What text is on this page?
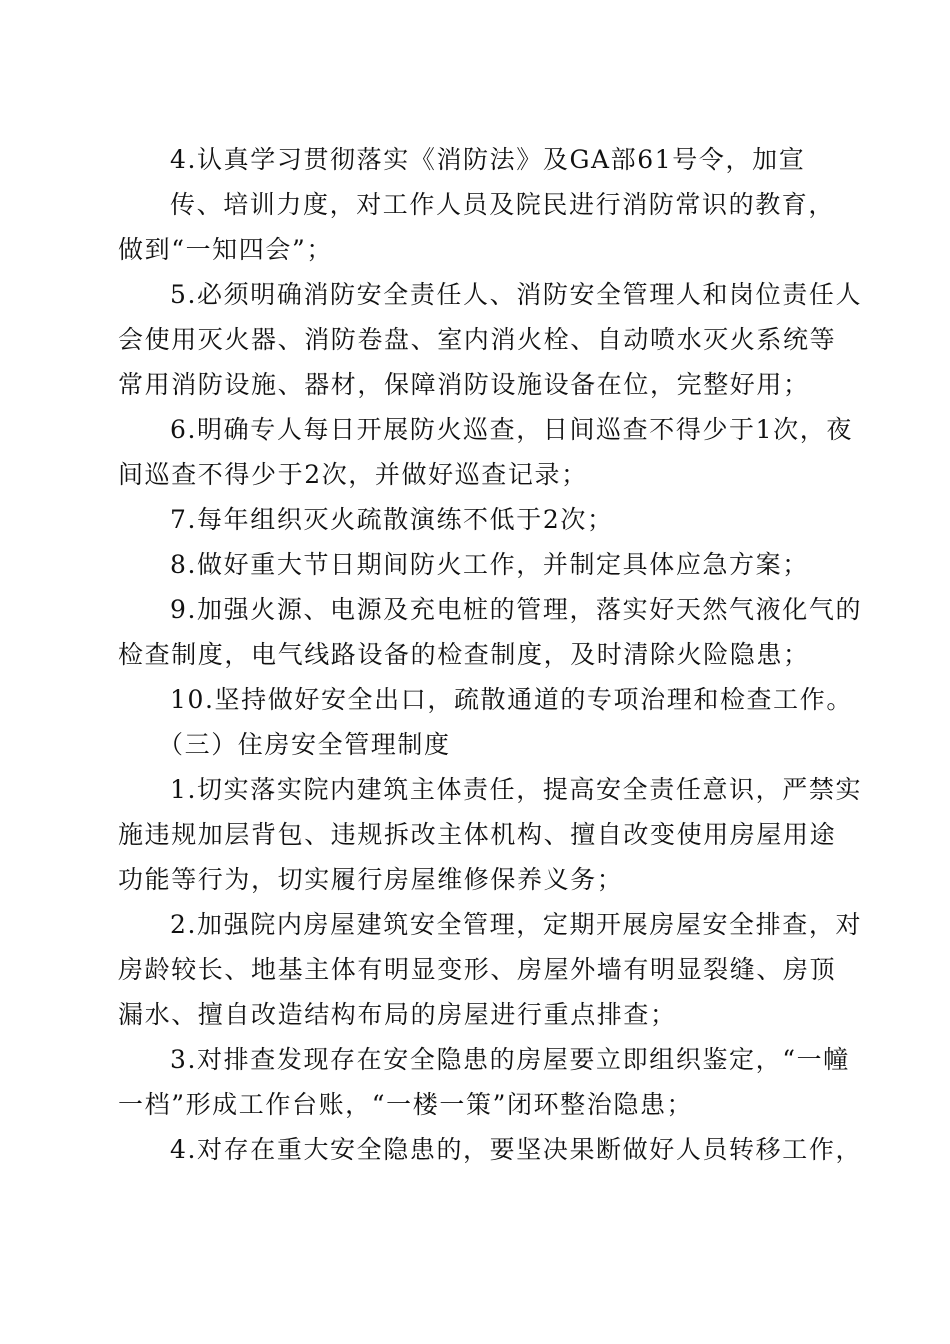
4.认真学习贯彻落实《消防法》及GA部61号令，加宣
传、培训力度，对工作人员及院民进行消防常识的教育，
做到“一知四会”；
5.必须明确消防安全责任人、消防安全管理人和岗位责任人
会使用灭火器、消防卷盘、室内消火栓、自动喷水灭火系统等
常用消防设施、器材，保障消防设施设备在位，完整好用；
6.明确专人每日开展防火巡查，日间巡查不得少于1次，夜
间巡查不得少于2次，并做好巡查记录；
7.每年组织灭火疏散演练不低于2次；
8.做好重大节日期间防火工作，并制定具体应急方案；
9.加强火源、电源及充电桩的管理，落实好天然气液化气的
检查制度，电气线路设备的检查制度，及时清除火险隐患；
10.坚持做好安全出口，疏散通道的专项治理和检查工作。
（三）住房安全管理制度
1.切实落实院内建筑主体责任，提高安全责任意识，严禁实
施违规加层背包、违规拆改主体机构、擅自改变使用房屋用途
功能等行为，切实履行房屋维修保养义务；
2.加强院内房屋建筑安全管理，定期开展房屋安全排查，对
房龄较长、地基主体有明显变形、房屋外墙有明显裂缝、房顶
漏水、擅自改造结构布局的房屋进行重点排查；
3.对排查发现存在安全隐患的房屋要立即组织鉴定，“一幢
一档”形成工作台账，“一楼一策”闭环整治隐患；
4.对存在重大安全隐患的，要坚决果断做好人员转移工作，
